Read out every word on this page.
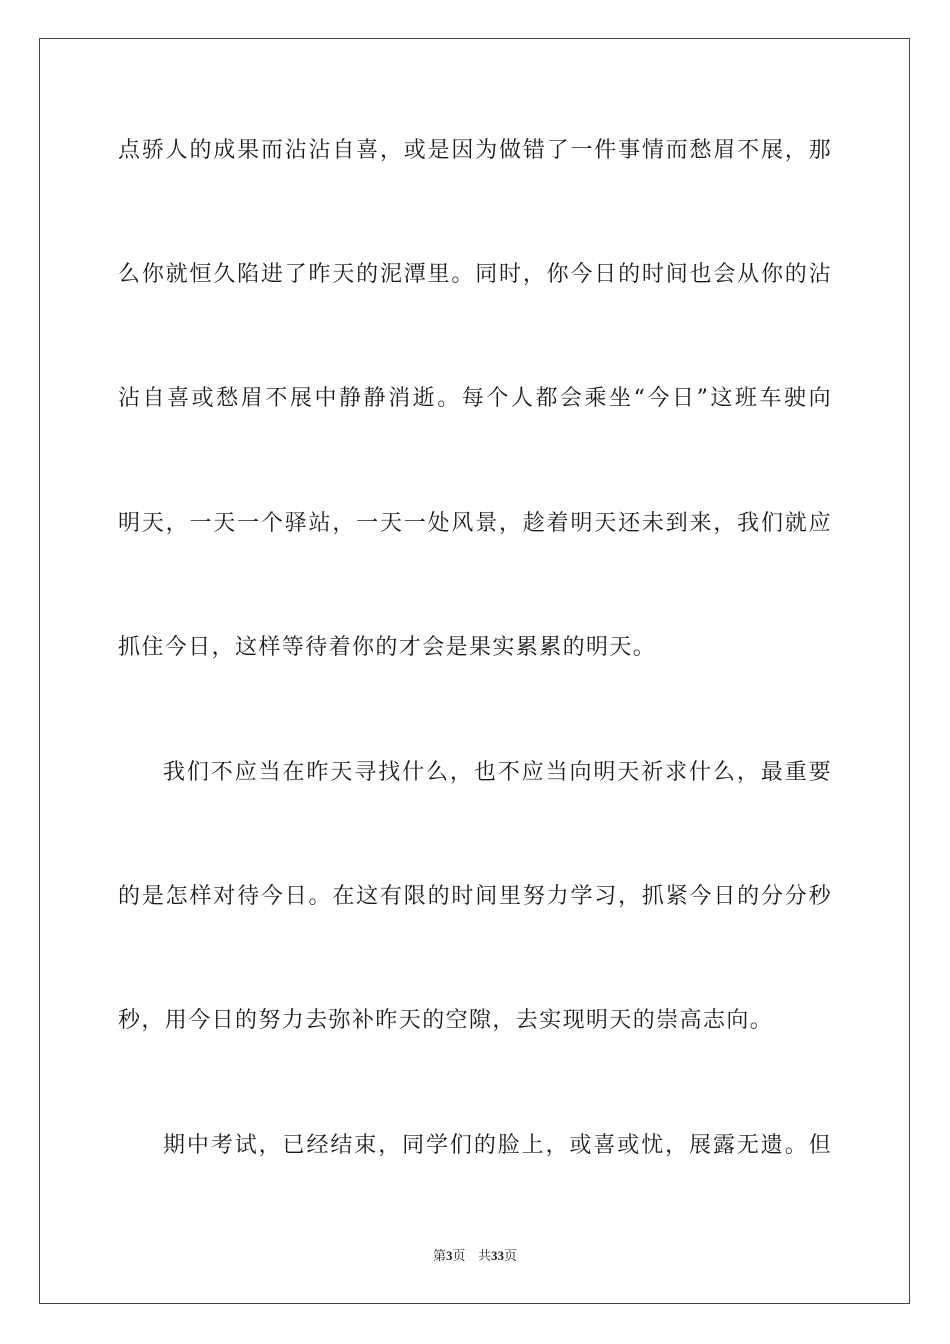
点骄人的成果而沾沾自喜，或是因为做错了一件事情而愁眉不展，那
么你就恒久陷进了昨天的泥潭里。同时，你今日的时间也会从你的沾
沾自喜或愁眉不展中静静消逝。每个人都会乘坐“今日”这班车驶向
明天，一天一个驿站，一天一处风景，趁着明天还未到来，我们就应
抓住今日，这样等待着你的才会是果实累累的明天。
我们不应当在昨天寻找什么，也不应当向明天祈求什么，最重要
的是怎样对待今日。在这有限的时间里努力学习，抓紧今日的分分秒
秒，用今日的努力去弥补昨天的空隙，去实现明天的崇高志向。
期中考试，已经结束，同学们的脸上，或喜或忧，展露无遗。但
第3页 共33页
